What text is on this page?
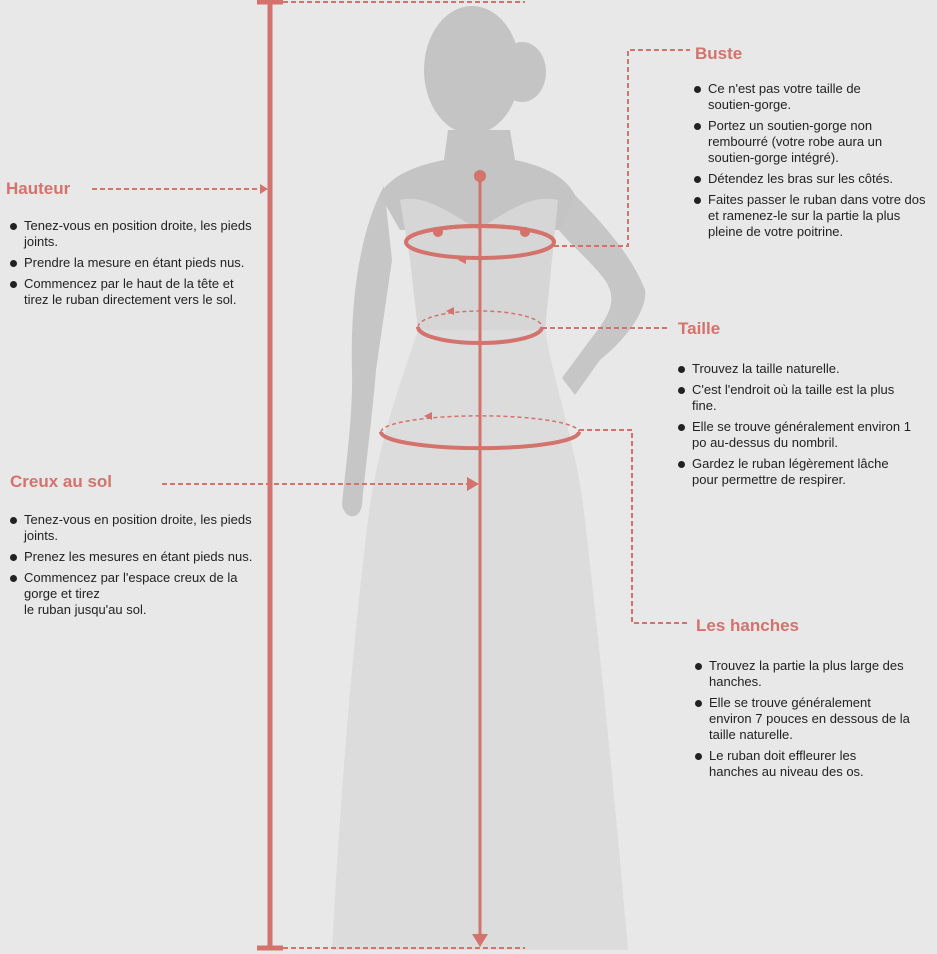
Hauteur
Tenez-vous en position droite, les pieds joints.
Prendre la mesure en étant pieds nus.
Commencez par le haut de la tête et tirez le ruban directement vers le sol.
Creux au sol
Tenez-vous en position droite, les pieds joints.
Prenez les mesures en étant pieds nus.
Commencez par l'espace creux de la gorge et tirez
le ruban jusqu'au sol.
Buste
Ce n'est pas votre taille de soutien-gorge.
Portez un soutien-gorge non rembourré (votre robe aura un soutien-gorge intégré).
Détendez les bras sur les côtés.
Faites passer le ruban dans votre dos et ramenez-le sur la partie la plus pleine de votre poitrine.
Taille
Trouvez la taille naturelle.
C'est l'endroit où la taille est la plus fine.
Elle se trouve généralement environ 1 po au-dessus du nombril.
Gardez le ruban légèrement lâche pour permettre de respirer.
Les hanches
Trouvez la partie la plus large des hanches.
Elle se trouve généralement environ 7 pouces en dessous de la taille naturelle.
Le ruban doit effleurer les hanches au niveau des os.
